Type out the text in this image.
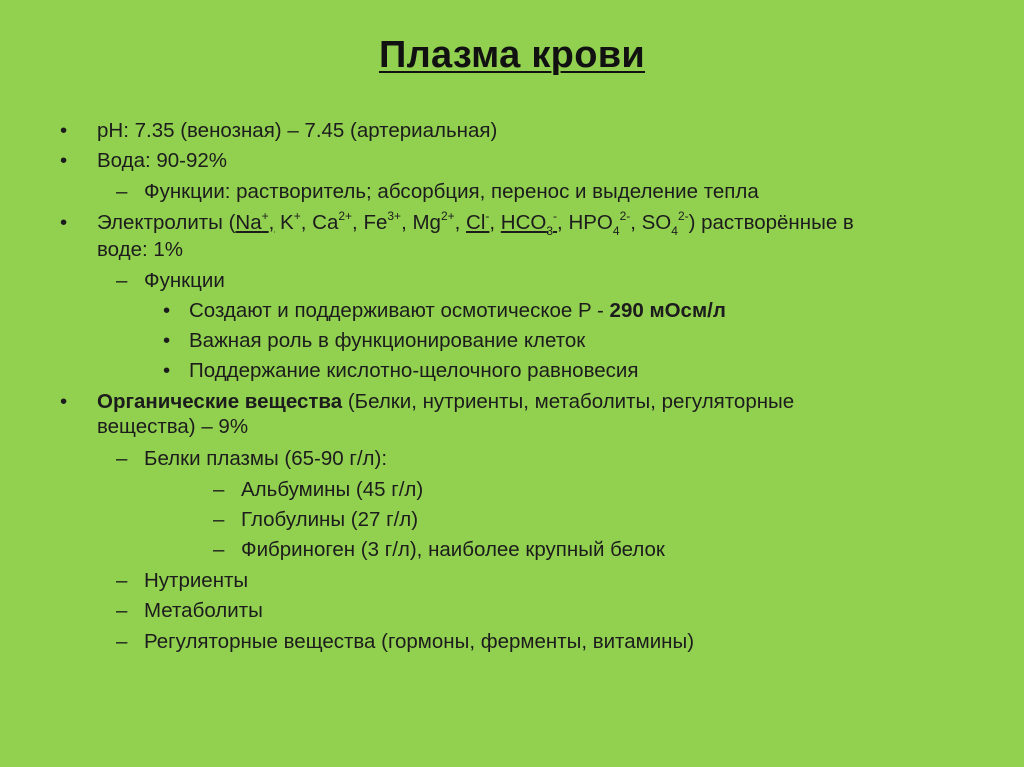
Плазма крови
• pH: 7.35 (венозная) – 7.45 (артериальная)
• Вода: 90-92%
– Функции: растворитель; абсорбция, перенос и выделение тепла
• Электролиты (Na+, K+, $Ca^{2+}$, $Fe^{3+}$, $Mg^{2+}$, Cl-, $HCO_3^-$, $HPO_4^{2-}$, $SO_4^{2-}$) растворённые в
воде: 1%
– Функции
• Создают и поддерживают осмотическое P - 290 мОсм/л
• Важная роль в функционирование клеток
• Поддержание кислотно-щелочного равновесия
• Органические вещества (Белки, нутриенты, метаболиты, регуляторные
вещества) – 9%
– Белки плазмы (65-90 г/л):
– Альбумины (45 г/л)
– Глобулины (27 г/л)
– Фибриноген (3 г/л), наиболее крупный белок
– Нутриенты
– Метаболиты
– Регуляторные вещества (гормоны, ферменты, витамины)
